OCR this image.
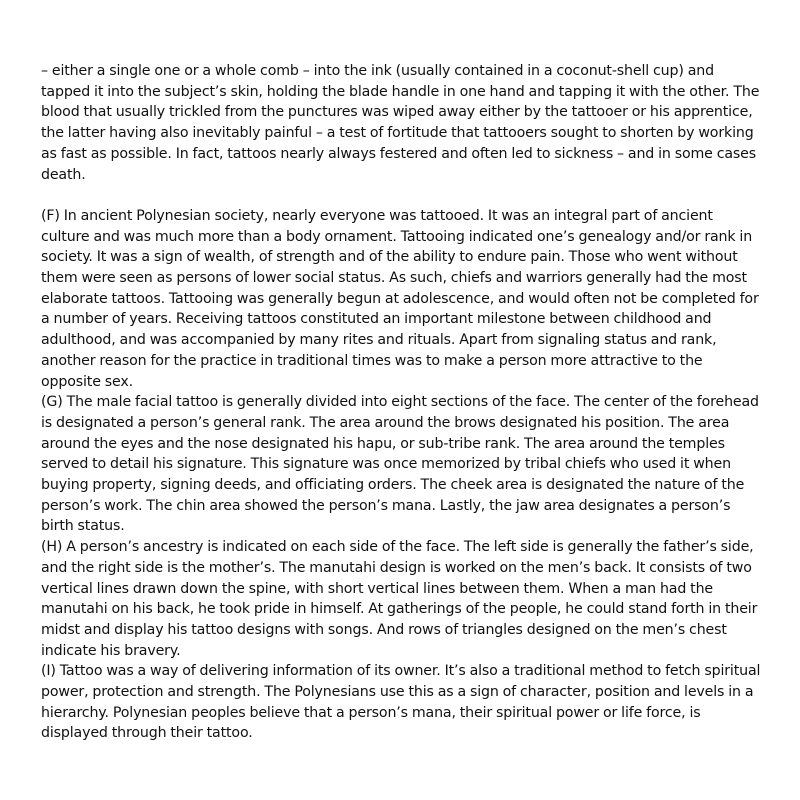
– either a single one or a whole comb – into the ink (usually contained in a coconut-shell cup) and tapped it into the subject’s skin, holding the blade handle in one hand and tapping it with the other. The blood that usually trickled from the punctures was wiped away either by the tattooer or his apprentice, the latter having also inevitably painful – a test of fortitude that tattooers sought to shorten by working as fast as possible. In fact, tattoos nearly always festered and often led to sickness – and in some cases death.

(F) In ancient Polynesian society, nearly everyone was tattooed. It was an integral part of ancient culture and was much more than a body ornament. Tattooing indicated one’s genealogy and/or rank in society. It was a sign of wealth, of strength and of the ability to endure pain. Those who went without them were seen as persons of lower social status. As such, chiefs and warriors generally had the most elaborate tattoos. Tattooing was generally begun at adolescence, and would often not be completed for a number of years. Receiving tattoos constituted an important milestone between childhood and adulthood, and was accompanied by many rites and rituals. Apart from signaling status and rank, another reason for the practice in traditional times was to make a person more attractive to the opposite sex.

(G) The male facial tattoo is generally divided into eight sections of the face. The center of the forehead is designated a person’s general rank. The area around the brows designated his position. The area around the eyes and the nose designated his hapu, or sub-tribe rank. The area around the temples served to detail his signature. This signature was once memorized by tribal chiefs who used it when buying property, signing deeds, and officiating orders. The cheek area is designated the nature of the person’s work. The chin area showed the person’s mana. Lastly, the jaw area designates a person’s birth status.

(H) A person’s ancestry is indicated on each side of the face. The left side is generally the father’s side, and the right side is the mother’s. The manutahi design is worked on the men’s back. It consists of two vertical lines drawn down the spine, with short vertical lines between them. When a man had the manutahi on his back, he took pride in himself. At gatherings of the people, he could stand forth in their midst and display his tattoo designs with songs. And rows of triangles designed on the men’s chest indicate his bravery.

(I) Tattoo was a way of delivering information of its owner. It’s also a traditional method to fetch spiritual power, protection and strength. The Polynesians use this as a sign of character, position and levels in a hierarchy. Polynesian peoples believe that a person’s mana, their spiritual power or life force, is displayed through their tattoo.
